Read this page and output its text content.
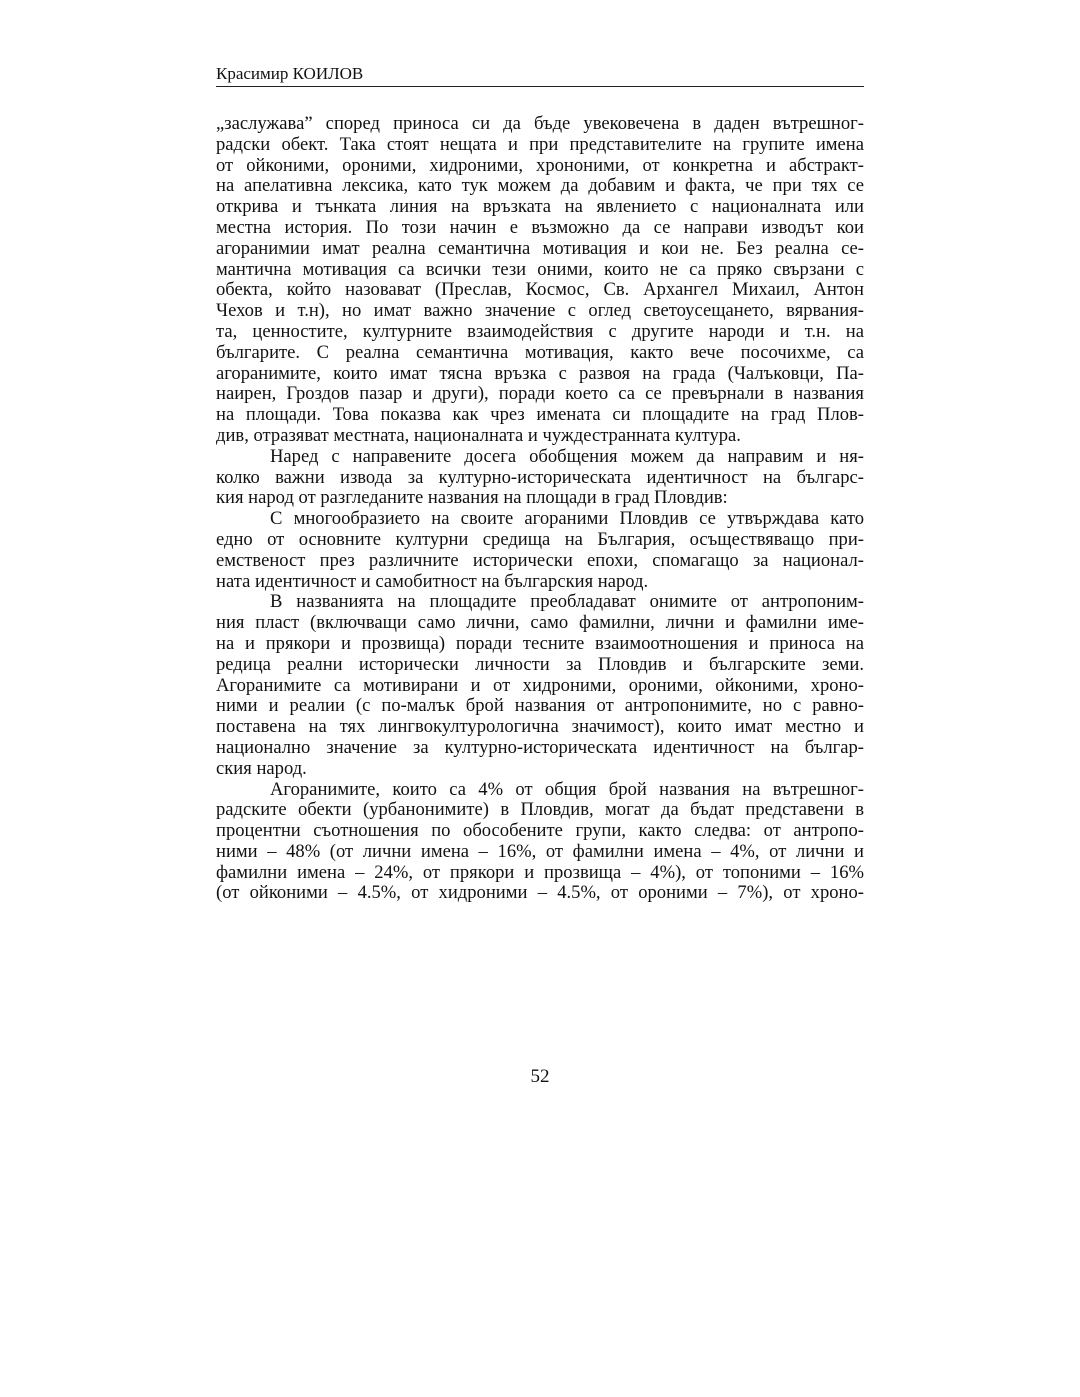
Красимир КОИЛОВ
„заслужава” според приноса си да бъде увековечена в даден вътрешног-
радски обект. Така стоят нещата и при представителите на групите имена
от ойконими, ороними, хидроними, хрононими, от конкретна и абстракт-
на апелативна лексика, като тук можем да добавим и факта, че при тях се
открива и тънката линия на връзката на явлението с националната или
местна история. По този начин е възможно да се направи изводът кои
агоранимии имат реална семантична мотивация и кои не. Без реална се-
мантична мотивация са всички тези оними, които не са пряко свързани с
обекта, който назовават (Преслав, Космос, Св. Архангел Михаил, Антон
Чехов и т.н), но имат важно значение с оглед светоусещането, вярвания-
та, ценностите, културните взаимодействия с другите народи и т.н. на
българите. С реална семантична мотивация, както вече посочихме, са
агоранимите, които имат тясна връзка с развоя на града (Чалъковци, Па-
наирен, Гроздов пазар и други), поради което са се превърнали в названия
на площади. Това показва как чрез имената си площадите на град Плов-
див, отразяват местната, националната и чуждестранната култура.
Наред с направените досега обобщения можем да направим и ня-
колко важни извода за културно-историческата идентичност на българс-
кия народ от разгледаните названия на площади в град Пловдив:
С многообразието на своите агораними Пловдив се утвърждава като
едно от основните културни средища на България, осъществяващо при-
емственост през различните исторически епохи, спомагащо за национал-
ната идентичност и самобитност на българския народ.
В названията на площадите преобладават онимите от антропоним-
ния пласт (включващи само лични, само фамилни, лични и фамилни име-
на и прякори и прозвища) поради тесните взаимоотношения и приноса на
редица реални исторически личности за Пловдив и българските земи.
Агоранимите са мотивирани и от хидроними, ороними, ойконими, хроно-
ними и реалии (с по-малък брой названия от антропонимите, но с равно-
поставена на тях лингвокултурологична значимост), които имат местно и
национално значение за културно-историческата идентичност на българ-
ския народ.
Агоранимите, които са 4% от общия брой названия на вътрешног-
радските обекти (урбанонимите) в Пловдив, могат да бъдат представени в
процентни съотношения по обособените групи, както следва: от антропо-
ними – 48% (от лични имена – 16%, от фамилни имена – 4%, от лични и
фамилни имена – 24%, от прякори и прозвища – 4%), от топоними – 16%
(от ойконими – 4.5%, от хидроними – 4.5%, от ороними – 7%), от хроно-
52
